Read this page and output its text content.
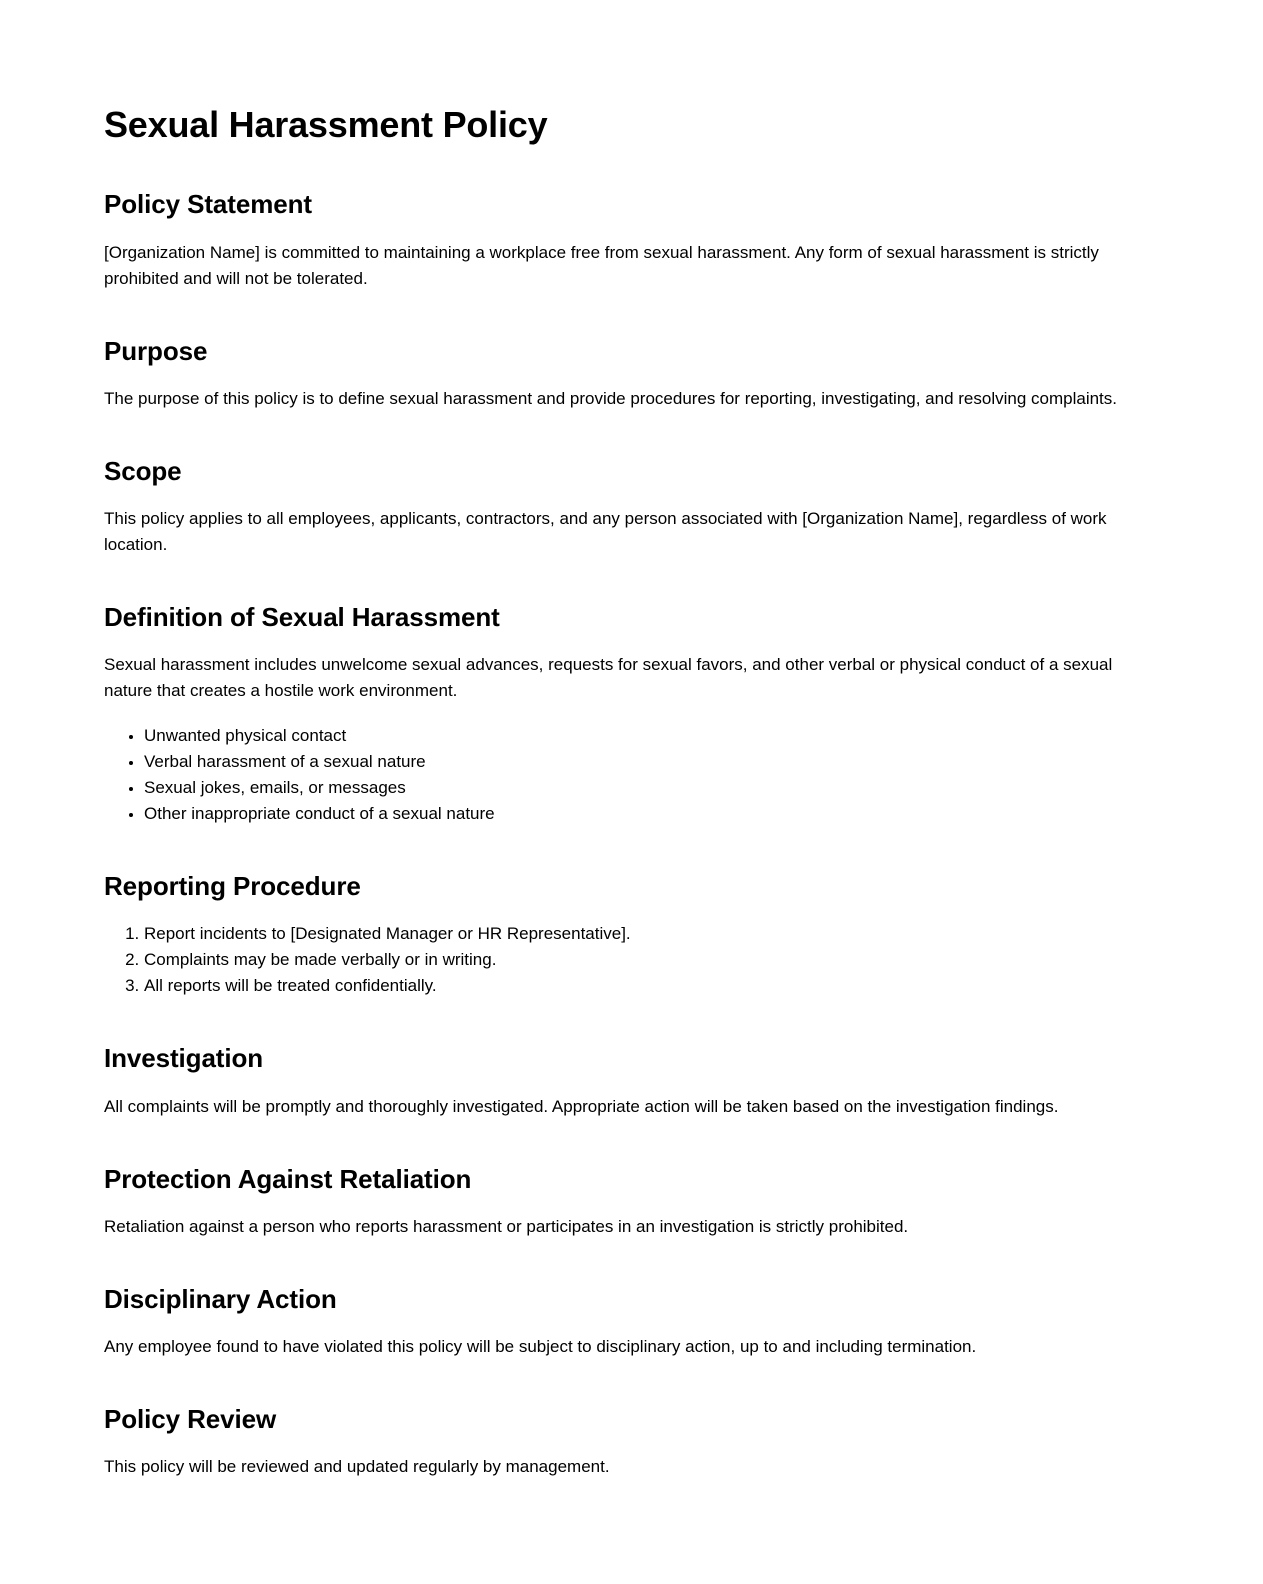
Sexual Harassment Policy
Policy Statement

[Organization Name] is committed to maintaining a workplace free from sexual harassment. Any form of sexual harassment is strictly prohibited and will not be tolerated.

Purpose

The purpose of this policy is to define sexual harassment and provide procedures for reporting, investigating, and resolving complaints.

Scope

This policy applies to all employees, applicants, contractors, and any person associated with [Organization Name], regardless of work location.

Definition of Sexual Harassment

Sexual harassment includes unwelcome sexual advances, requests for sexual favors, and other verbal or physical conduct of a sexual nature that creates a hostile work environment.

• Unwanted physical contact
• Verbal harassment of a sexual nature
• Sexual jokes, emails, or messages
• Other inappropriate conduct of a sexual nature
Reporting Procedure
1. Report incidents to [Designated Manager or HR Representative].
2. Complaints may be made verbally or in writing.
3. All reports will be treated confidentially.
Investigation

All complaints will be promptly and thoroughly investigated. Appropriate action will be taken based on the investigation findings.

Protection Against Retaliation

Retaliation against a person who reports harassment or participates in an investigation is strictly prohibited.

Disciplinary Action

Any employee found to have violated this policy will be subject to disciplinary action, up to and including termination.

Policy Review

This policy will be reviewed and updated regularly by management.
